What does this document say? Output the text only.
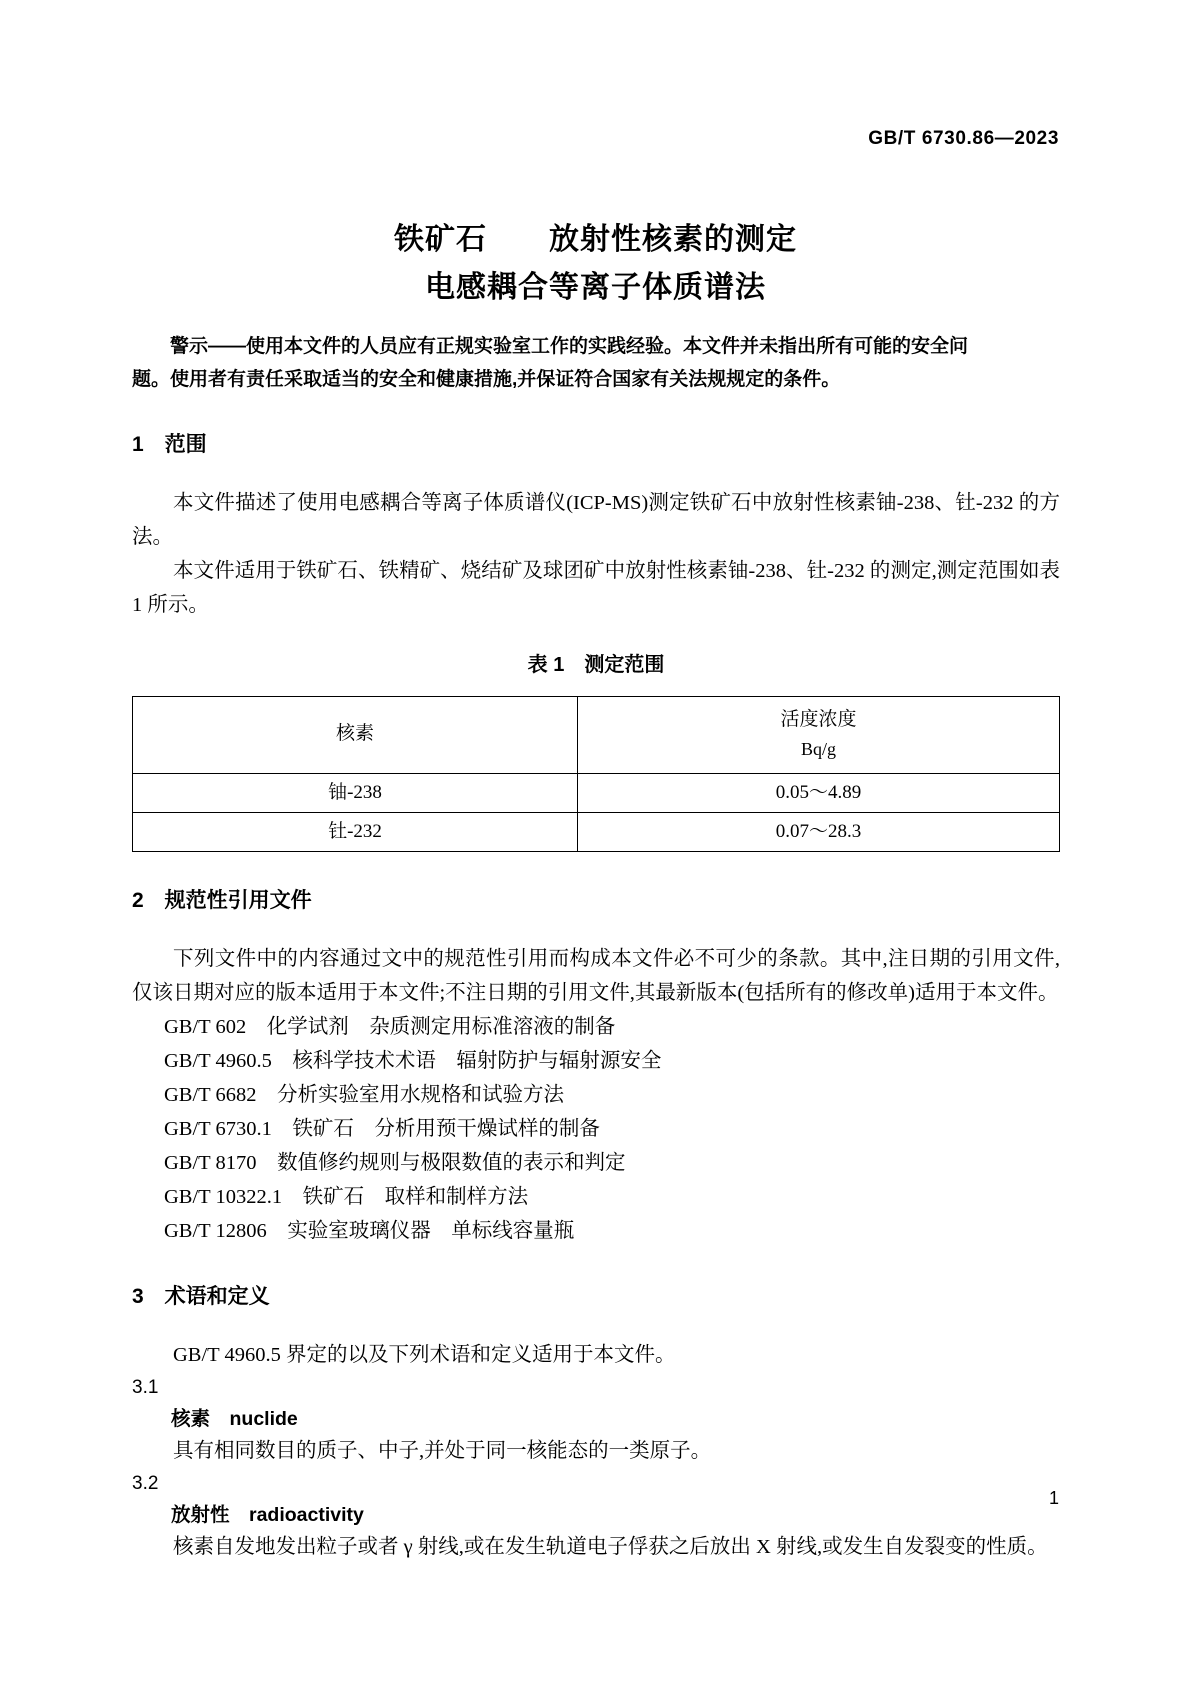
GB/T 6730.86—2023
铁矿石　　放射性核素的测定
电感耦合等离子体质谱法

警示——使用本文件的人员应有正规实验室工作的实践经验。本文件并未指出所有可能的安全问

题。使用者有责任采取适当的安全和健康措施,并保证符合国家有关法规规定的条件。

1　范围

本文件描述了使用电感耦合等离子体质谱仪(ICP-MS)测定铁矿石中放射性核素铀-238、钍-232 的方法。

本文件适用于铁矿石、铁精矿、烧结矿及球团矿中放射性核素铀-238、钍-232 的测定,测定范围如表 1 所示。

表 1　测定范围

核素	活度浓度
Bq/g

铀-238	0.05～4.89
钍-232	0.07～28.3
2　规范性引用文件

下列文件中的内容通过文中的规范性引用而构成本文件必不可少的条款。其中,注日期的引用文件,仅该日期对应的版本适用于本文件;不注日期的引用文件,其最新版本(包括所有的修改单)适用于本文件。

GB/T 602　化学试剂　杂质测定用标准溶液的制备
GB/T 4960.5　核科学技术术语　辐射防护与辐射源安全
GB/T 6682　分析实验室用水规格和试验方法
GB/T 6730.1　铁矿石　分析用预干燥试样的制备
GB/T 8170　数值修约规则与极限数值的表示和判定
GB/T 10322.1　铁矿石　取样和制样方法
GB/T 12806　实验室玻璃仪器　单标线容量瓶
3　术语和定义

GB/T 4960.5 界定的以及下列术语和定义适用于本文件。

3.1

核素　nuclide

具有相同数目的质子、中子,并处于同一核能态的一类原子。

3.2

放射性　radioactivity

核素自发地发出粒子或者 γ 射线,或在发生轨道电子俘获之后放出 X 射线,或发生自发裂变的性质。

1
